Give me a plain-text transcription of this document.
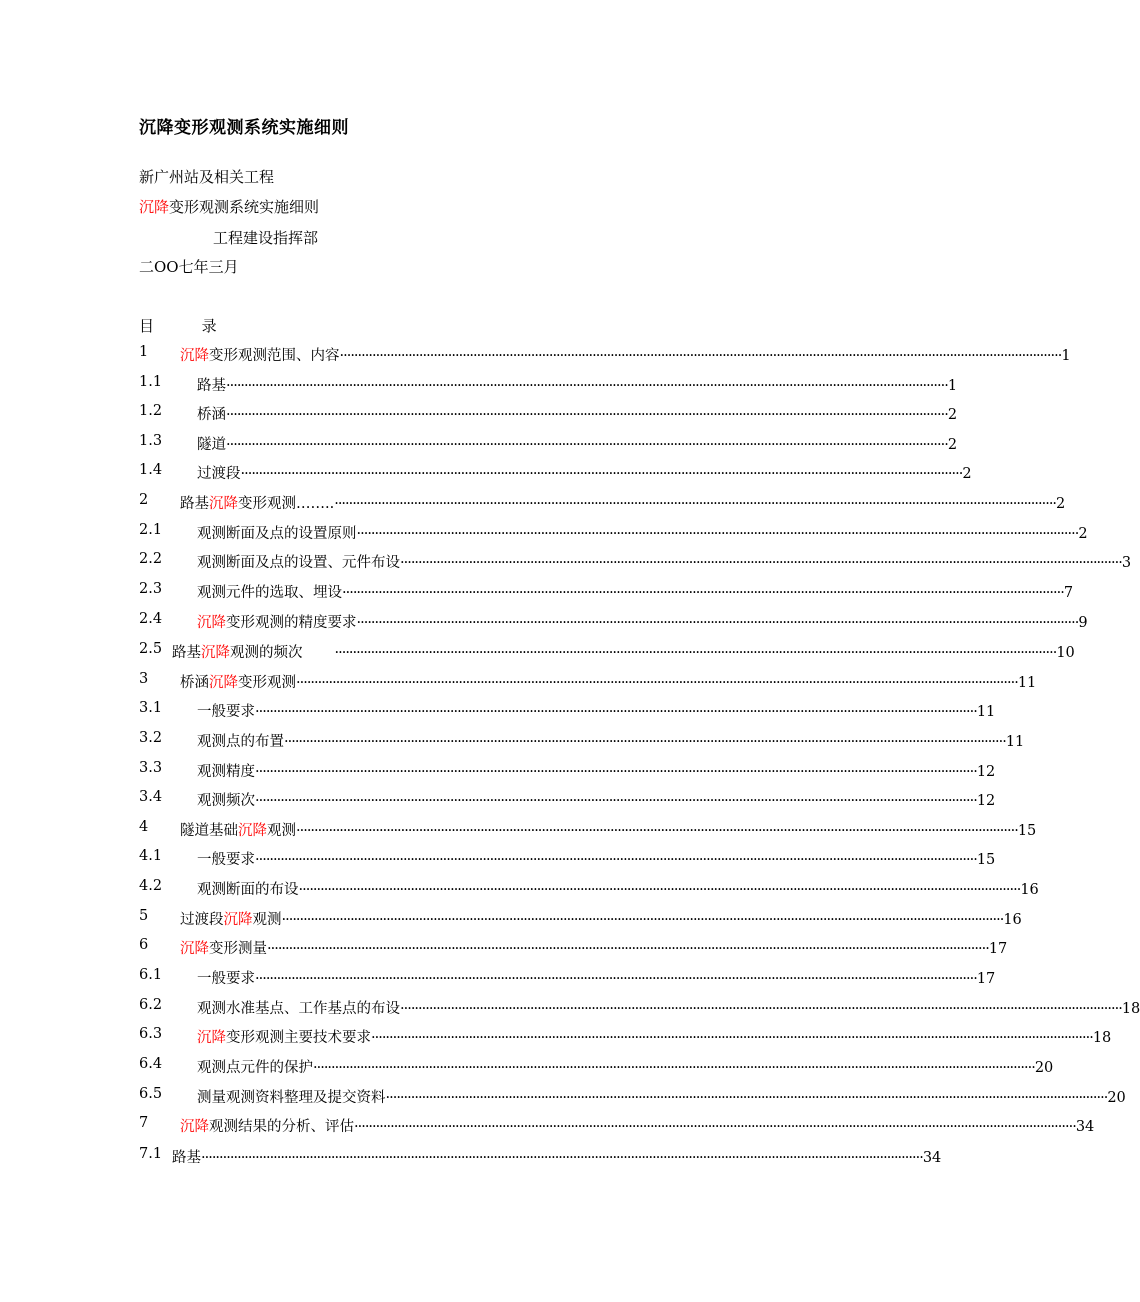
沉降变形观测系统实施细则
新广州站及相关工程
沉降变形观测系统实施细则
工程建设指挥部
二OO七年三月
目          录
1 沉降变形观测范围、内容 ········································································································································································································ 1
1.1 路基 ········································································································································································································ 1
1.2 桥涵 ········································································································································································································ 2
1.3 隧道 ········································································································································································································ 2
1.4 过渡段 ········································································································································································································ 2
2 路基沉降变形观测 …….. ········································································································································································································ 2
2.1 观测断面及点的设置原则 ········································································································································································································ 2
2.2 观测断面及点的设置、元件布设 ········································································································································································································ 3
2.3 观测元件的选取、埋设 ········································································································································································································ 7
2.4 沉降变形观测的精度要求 ········································································································································································································ 9
2.5 路基沉降观测的频次 ········································································································································································································ 10
3 桥涵沉降变形观测 ········································································································································································································ 11
3.1 一般要求 ········································································································································································································ 11
3.2 观测点的布置 ········································································································································································································ 11
3.3 观测精度 ········································································································································································································ 12
3.4 观测频次 ········································································································································································································ 12
4 隧道基础沉降观测 ········································································································································································································ 15
4.1 一般要求 ········································································································································································································ 15
4.2 观测断面的布设 ········································································································································································································ 16
5 过渡段沉降观测 ········································································································································································································ 16
6 沉降变形测量 ········································································································································································································ 17
6.1 一般要求 ········································································································································································································ 17
6.2 观测水准基点、工作基点的布设 ········································································································································································································ 18
6.3 沉降变形观测主要技术要求 ········································································································································································································ 18
6.4 观测点元件的保护 ········································································································································································································ 20
6.5 测量观测资料整理及提交资料 ········································································································································································································ 20
7 沉降观测结果的分析、评估 ········································································································································································································ 34
7.1 路基 ········································································································································································································ 34
